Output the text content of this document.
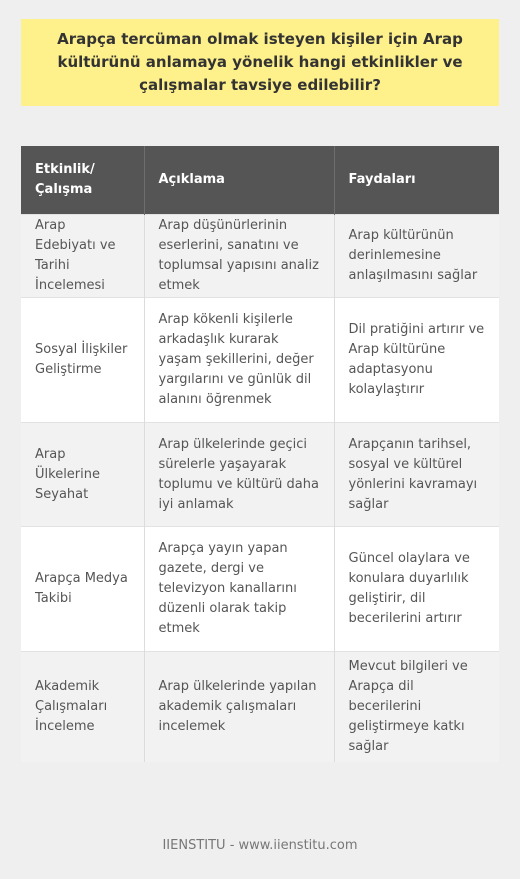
Arapça tercüman olmak isteyen kişiler için Arap kültürünü anlamaya yönelik hangi etkinlikler ve çalışmalar tavsiye edilebilir?
Etkinlik/ Çalışma	Açıklama	Faydaları
Arap Edebiyatı ve Tarihi İncelemesi	Arap düşünürlerinin eserlerini, sanatını ve toplumsal yapısını analiz etmek	Arap kültürünün derinlemesine anlaşılmasını sağlar
Sosyal İlişkiler Geliştirme	Arap kökenli kişilerle arkadaşlık kurarak yaşam şekillerini, değer yargılarını ve günlük dil alanını öğrenmek	Dil pratiğini artırır ve Arap kültürüne adaptasyonu kolaylaştırır
Arap Ülkelerine Seyahat	Arap ülkelerinde geçici sürelerle yaşayarak toplumu ve kültürü daha iyi anlamak	Arapçanın tarihsel, sosyal ve kültürel yönlerini kavramayı sağlar
Arapça Medya Takibi	Arapça yayın yapan gazete, dergi ve televizyon kanallarını düzenli olarak takip etmek	Güncel olaylara ve konulara duyarlılık geliştirir, dil becerilerini artırır
Akademik Çalışmaları İnceleme	Arap ülkelerinde yapılan akademik çalışmaları incelemek	Mevcut bilgileri ve Arapça dil becerilerini geliştirmeye katkı sağlar
IIENSTITU - www.iienstitu.com
